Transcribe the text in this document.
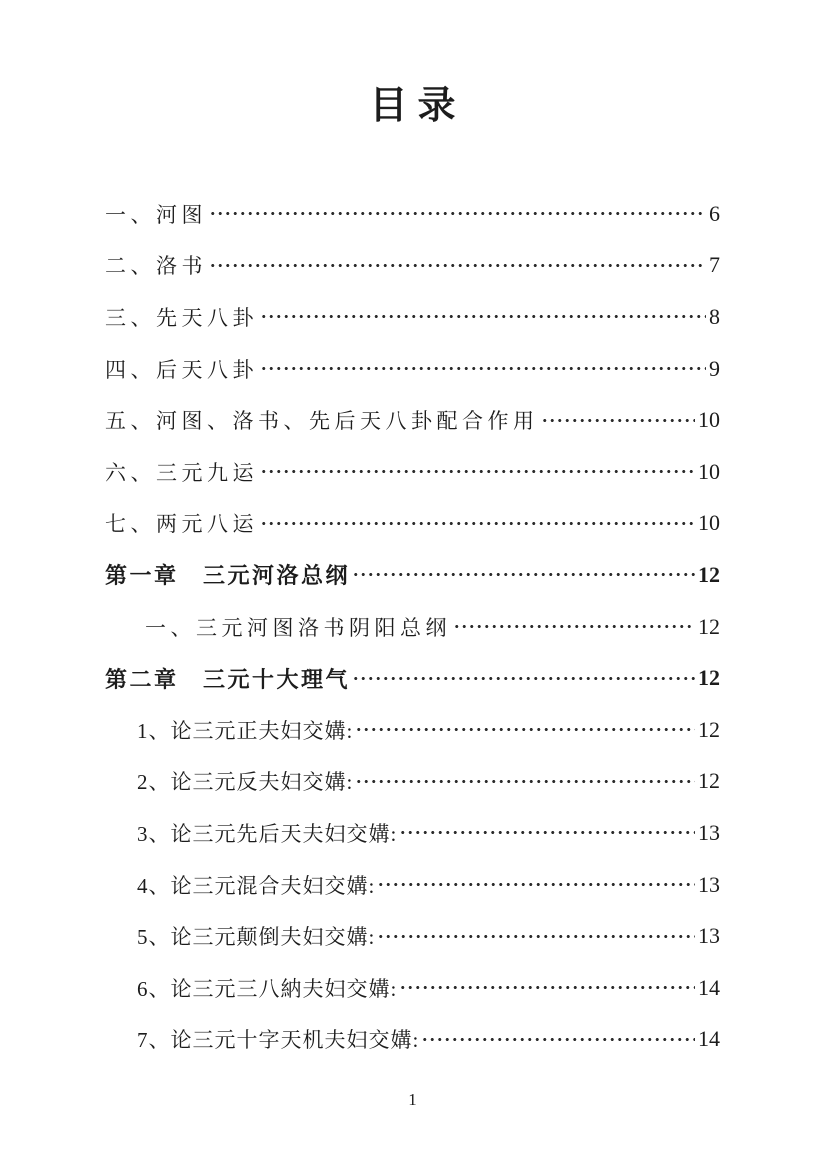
目录
一、河图	6
二、洛书	7
三、先天八卦	8
四、后天八卦	9
五、河图、洛书、先后天八卦配合作用	10
六、三元九运	10
七、两元八运	10
第一章　三元河洛总纲	12
一、三元河图洛书阴阳总纲	12
第二章　三元十大理气	12
1、论三元正夫妇交媾:	12
2、论三元反夫妇交媾:	12
3、论三元先后天夫妇交媾:	13
4、论三元混合夫妇交媾:	13
5、论三元颠倒夫妇交媾:	13
6、论三元三八納夫妇交媾:	14
7、论三元十字天机夫妇交媾:	14
1
